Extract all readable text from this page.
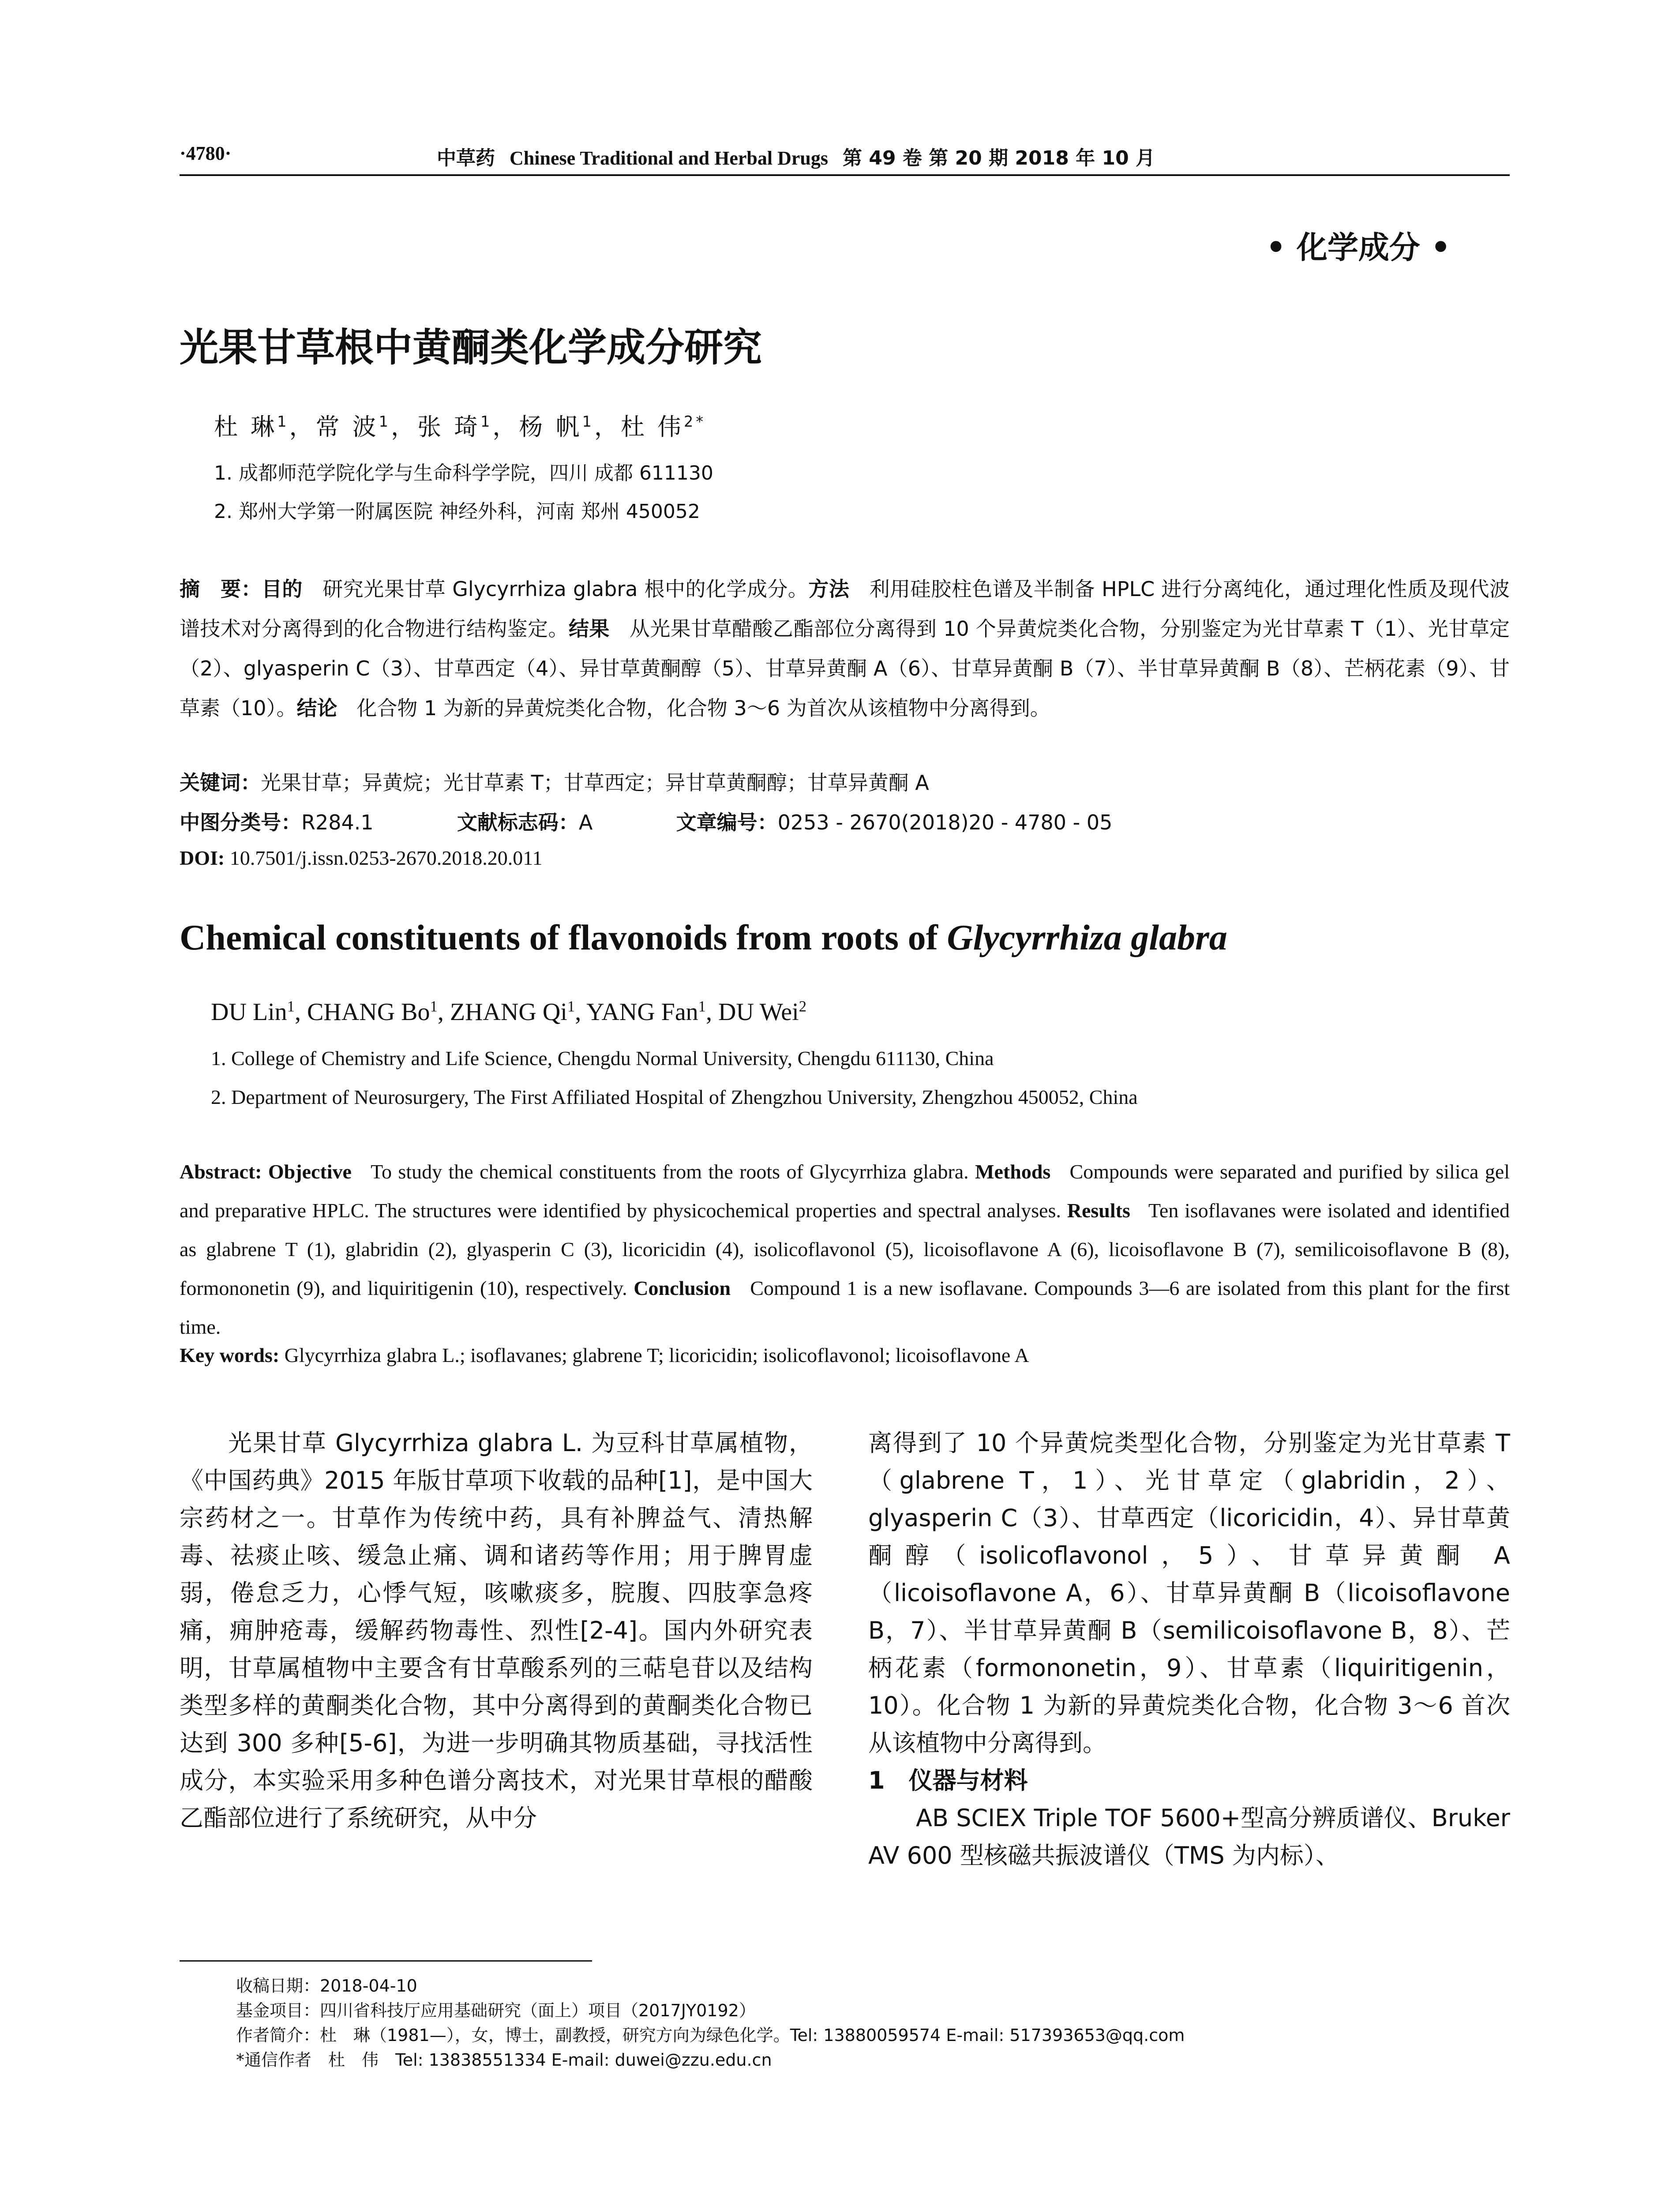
·4780·	中草药 Chinese Traditional and Herbal Drugs 第 49 卷 第 20 期 2018 年 10 月
• 化学成分 •
光果甘草根中黄酮类化学成分研究
杜 琳$^1$，常 波$^1$，张 琦$^1$，杨 帆$^1$，杜 伟$^{2*}$
1. 成都师范学院化学与生命科学学院，四川 成都 611130
2. 郑州大学第一附属医院 神经外科，河南 郑州 450052
摘　要：目的 研究光果甘草 Glycyrrhiza glabra 根中的化学成分。方法 利用硅胶柱色谱及半制备 HPLC 进行分离纯化，通过理化性质及现代波谱技术对分离得到的化合物进行结构鉴定。结果 从光果甘草醋酸乙酯部位分离得到 10 个异黄烷类化合物，分别鉴定为光甘草素 T（1）、光甘草定（2）、glyasperin C（3）、甘草西定（4）、异甘草黄酮醇（5）、甘草异黄酮 A（6）、甘草异黄酮 B（7）、半甘草异黄酮 B（8）、芒柄花素（9）、甘草素（10）。结论 化合物 1 为新的异黄烷类化合物，化合物 3～6 为首次从该植物中分离得到。
关键词：光果甘草；异黄烷；光甘草素 T；甘草西定；异甘草黄酮醇；甘草异黄酮 A
中图分类号：R284.1	文献标志码：A	文章编号：0253 - 2670(2018)20 - 4780 - 05
DOI: 10.7501/j.issn.0253-2670.2018.20.011
Chemical constituents of flavonoids from roots of Glycyrrhiza glabra
DU Lin$^1$, CHANG Bo$^1$, ZHANG Qi$^1$, YANG Fan$^1$, DU Wei$^2$
1. College of Chemistry and Life Science, Chengdu Normal University, Chengdu 611130, China
2. Department of Neurosurgery, The First Affiliated Hospital of Zhengzhou University, Zhengzhou 450052, China
Abstract: Objective To study the chemical constituents from the roots of Glycyrrhiza glabra. Methods Compounds were separated and purified by silica gel and preparative HPLC. The structures were identified by physicochemical properties and spectral analyses. Results Ten isoflavanes were isolated and identified as glabrene T (1), glabridin (2), glyasperin C (3), licoricidin (4), isolicoflavonol (5), licoisoflavone A (6), licoisoflavone B (7), semilicoisoflavone B (8), formononetin (9), and liquiritigenin (10), respectively. Conclusion Compound 1 is a new isoflavane. Compounds 3—6 are isolated from this plant for the first time.
Key words: Glycyrrhiza glabra L.; isoflavanes; glabrene T; licoricidin; isolicoflavonol; licoisoflavone A
光果甘草 Glycyrrhiza glabra L. 为豆科甘草属植物，《中国药典》2015 年版甘草项下收载的品种[1]，是中国大宗药材之一。甘草作为传统中药，具有补脾益气、清热解毒、祛痰止咳、缓急止痛、调和诸药等作用；用于脾胃虚弱，倦怠乏力，心悸气短，咳嗽痰多，脘腹、四肢挛急疼痛，痈肿疮毒，缓解药物毒性、烈性[2-4]。国内外研究表明，甘草属植物中主要含有甘草酸系列的三萜皂苷以及结构类型多样的黄酮类化合物，其中分离得到的黄酮类化合物已达到 300 多种[5-6]，为进一步明确其物质基础，寻找活性成分，本实验采用多种色谱分离技术，对光果甘草根的醋酸乙酯部位进行了系统研究，从中分
离得到了 10 个异黄烷类型化合物，分别鉴定为光甘草素 T（glabrene T，1）、光甘草定（glabridin，2）、glyasperin C（3）、甘草西定（licoricidin，4）、异甘草黄酮醇（isolicoflavonol，5）、甘草异黄酮 A（licoisoflavone A，6）、甘草异黄酮 B（licoisoflavone B，7）、半甘草异黄酮 B（semilicoisoflavone B，8）、芒柄花素（formononetin，9）、甘草素（liquiritigenin，10）。化合物 1 为新的异黄烷类化合物，化合物 3～6 首次从该植物中分离得到。
1　仪器与材料
AB SCIEX Triple TOF 5600+型高分辨质谱仪、Bruker AV 600 型核磁共振波谱仪（TMS 为内标）、
收稿日期：2018-04-10
基金项目：四川省科技厅应用基础研究（面上）项目（2017JY0192）
作者简介：杜　琳（1981—），女，博士，副教授，研究方向为绿色化学。Tel: 13880059574 E-mail: 517393653@qq.com
*通信作者　杜　伟　Tel: 13838551334 E-mail: duwei@zzu.edu.cn
